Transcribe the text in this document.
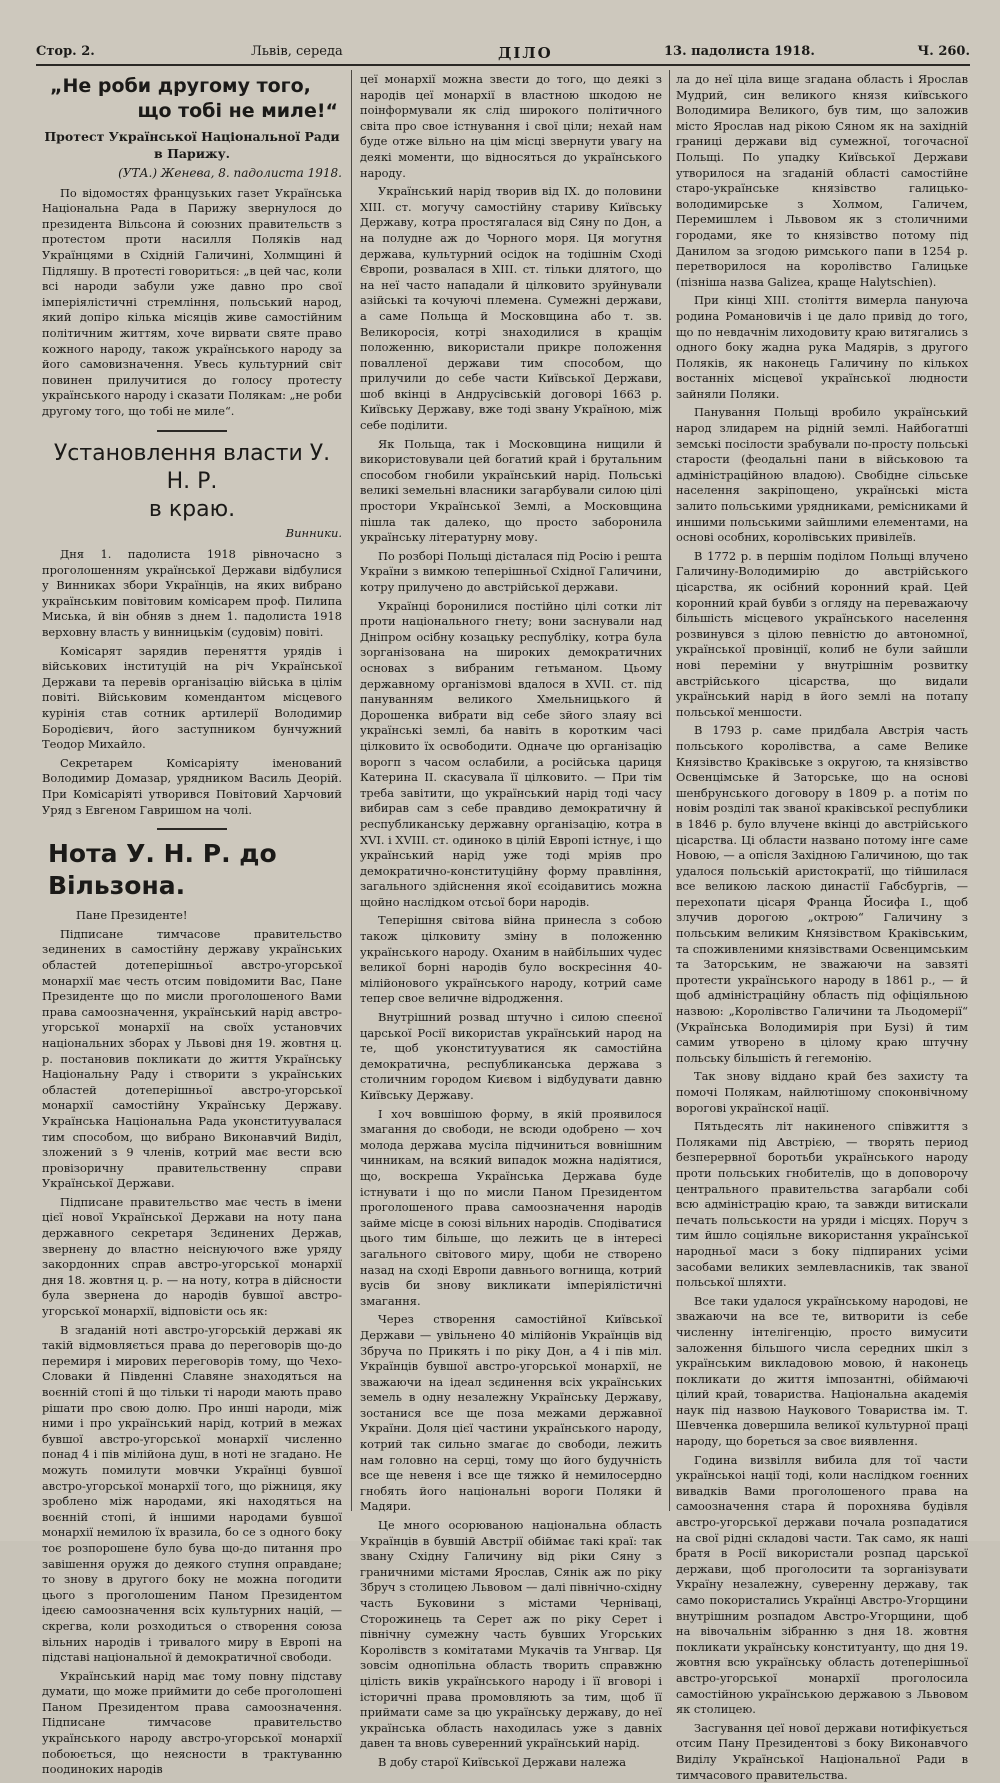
Стор. 2.	Львів, середа	ДІЛО	13. падолиста 1918.	Ч. 260.
„Не роби другому того,
що тобі не миле!“
Протест Української Національної Ради в Парижу.
(УТА.) Женева, 8. падолиста 1918.

По відомостях французьких газет Українська Національна Рада в Парижу звернулося до президента Вільсона й союзних правительств з протестом проти насилля Поляків над Українцями в Східній Галичині, Холмщині й Підляшу. В протесті говориться: „в цей час, коли всі народи забули уже давно про свої імперіялістичні стремління, польський народ, який допіро кілька місяців живе самостійним політичним життям, хоче вирвати святе право кожного народу, також українського народу за його самовизначення. Увесь культурний світ повинен прилучитися до голосу протесту українського народу і сказати Полякам: „не роби другому того, що тобі не миле“.

Установлення власти У. Н. Р.
в краю.
Винники.

Дня 1. падолиста 1918 рівночасно з проголошенням української Держави відбулися у Винниках збори Українців, на яких вибрано українським повітовим комісарем проф. Пилипа Миська, й він обняв з днем 1. падолиста 1918 верховну власть у винницькім (судовім) повіті.

Комісарят зарядив переняття урядів і військових інституцій на річ Української Держави та перевів організацію війська в цілім повіті. Військовим комендантом місцевого курінія став сотник артилерії Володимир Бородієвич, його заступником бунчужний Теодор Михайло.

Секретарем Комісаріяту іменований Володимир Домазар, урядником Василь Деорій. При Комісаріяті утворився Повітовий Харчовий Уряд з Евгеном Гавришом на чолі.

Нота У. Н. Р. до Вільзона.
Пане Президенте!

Підписане тимчасове правительство зединених в самостійну державу українських областей дотеперішньої австро-угорської монархії має честь отсим повідомити Вас, Пане Президенте що по мисли проголошеного Вами права самоозначення, український нарід австро-угорської монархії на своїх установчих національних зборах у Львові дня 19. жовтня ц. р. постановив покликати до життя Українську Національну Раду і створити з українських областей дотеперішньої австро-угорської монархії самостійну Українську Державу. Українська Національна Рада уконституувалася тим способом, що вибрано Виконавчий Виділ, зложений з 9 членів, котрий має вести всю провізоричну правительственну справи Української Держави.

Підписане правительство має честь в імени цієї нової Української Держави на ноту пана державного секретаря Зєдинених Держав, звернену до властно неіснуючого вже уряду закордонних справ австро-угорської монархії дня 18. жовтня ц. р. — на ноту, котра в дійсности була звернена до народів бувшої австро-угорської монархії, відповісти ось як:

В згаданій ноті австро-угорській державі як такій відмовляється права до переговорів що-до перемиря і мирових переговорів тому, що Чехо-Словаки й Південні Славяне знаходяться на воєнній стопі й що тільки ті народи мають право рішати про свою долю. Про инші народи, між ними і про український нарід, котрий в межах бувшої австро-угорської монархії численно понад 4 і пів мілійона душ, в ноті не згадано. Не можуть помилути мовчки Українці бувшої австро-угорської монархії того, що ріжниця, яку зроблено між народами, які находяться на воєнній стопі, й іншими народами бувшої монархії немилою їх вразила, бо се з одного боку тоє розпорошене було бува що-до питання про завішення оружя до деякого ступня оправдане; то знову в другого боку не можна погодити цього з проголошеним Паном Президентом ідеєю самоозначення всіх культурних націй, — скрегва, коли розходиться о створення союза вільних народів і тривалого миру в Европі на підставі національної й демократичної свободи.

Український нарід має тому повну підставу думати, що може приймити до себе проголошені Паном Президентом права самоозначення. Підписане тимчасове правительство українського народу австро-угорської монархії побоюється, що неясности в трактуванню поодиноких народів

цеї монархії можна звести до того, що деякі з народів цеї монархії в властною шкодою не поінформували як слід широкого політичного світа про свое істнування і свої ціли; нехай нам буде отже вільно на цім місці звернути увагу на деякі моменти, що відносяться до українського народу.

Український нарід творив від IX. до половини XIII. ст. могучу самостійну стариву Київську Державу, котра простягалася від Сяну по Дон, а на полудне аж до Чорного моря. Ця могутня держава, культурний осідок на тодішнім Сході Європи, розвалася в XIII. ст. тільки длятого, що на неї часто нападали й цілковито зруйнували азійські та кочуючі племена. Сумежні держави, а саме Польща й Московщина або т. зв. Великоросія, котрі знаходилися в кращім положенню, використали прикре положення повалленої держави тим способом, що прилучили до себе части Київської Держави, шоб вкінці в Андрусівській договорі 1663 р. Київську Державу, вже тоді звану Україною, між себе поділити.

Як Польща, так і Московщина нищили й використовували цей богатий край і брутальним способом гнобили український нарід. Польські великі земельні власники загарбували силою цілі простори Української Землі, а Московщина пішла так далеко, що просто заборонила українську літературну мову.

По розборі Польщі дісталася під Росію і решта України з вимкою теперішньої Східної Галичини, котру прилучено до австрійської держави.

Українці боронилися постійно цілі сотки літ проти національного гнету; вони заснували над Дніпром осібну козацьку республіку, котра була зорганізована на широких демократичних основах з вибраним гетьманом. Цьому державному організмові вдалося в XVII. ст. під пануванням великого Хмельницького й Дорошенка вибрати від себе зйого злаяу всі українські землі, ба навіть в коротким часі цілковито їх освободити. Одначе цю організацію ворогп з часом ослабили, а російська цариця Катерина II. скасувала її цілковито. — При тім треба завітити, що український нарід тоді часу вибирав сам з себе правдиво демократичну й республиканську державну організацію, котра в XVI. і XVIII. ст. одиноко в цілій Европі істнує, і що український нарід уже тоді мріяв про демократично-конституційну форму правління, загального здійснення якої єсоідавитись можна щойно наслідком отсьої бори народів.

Теперішня світова війна принесла з собою також цілковиту зміну в положенню українського народу. Оханим в найбільших чудес великої борні народів було воскресіння 40-мілійонового українського народу, котрий саме тепер свое величне відродження.

Внутрішний розвад штучно і силою спеєної царської Росії використав український народ на те, щоб уконститууватися як самостійна демократична, республиканська держава з столичним городом Києвом і відбудувати давню Київську Державу.

І хоч вовшішою форму, в якій проявилося змагання до свободи, не всюди одобрено — хоч молода держава мусіла підчиниться вовнішним чинникам, на всякий випадок можна надіятися, що, воскреша Українська Держава буде істнувати і що по мисли Паном Президентом проголошеного права самоозначення народів займе місце в союзі вільних народів. Сподіватися цього тим більше, що лежить це в інтересі загального світового миру, щоби не створено назад на сході Европи давнього вогнища, котрий вусів би знову викликати імперіялістичні змагання.

Через створення самостійної Київської Держави — увільнено 40 мілійонів Українців від Збруча по Прикять і по ріку Дон, а 4 і пів міл. Українців бувшої австро-угорської монархії, не зважаючи на ідеал зєдинення всіх українських земель в одну незалежну Українську Державу, зостанися все ще поза межами державної України. Доля цієї частини українського народу, котрий так сильно змагає до свободи, лежить нам головно на серці, тому що його будучність все ще невеня і все ще тяжко й немилосердно гнобять його національні вороги Поляки й Мадяри.

Це много осорюваною національна область Українців в бувшій Австрії обіймає такі краї: так звану Східну Галичину від ріки Сяну з граничними містами Ярослав, Сянік аж по ріку Збруч з столицею Львовом — далі північно-східну часть Буковини з містами Черніваці, Сторожинець та Серет аж по ріку Серет і північну сумежну часть бувших Угорських Королівств з комітатами Мукачів та Унгвар. Ця зовсім однопільна область творить справжню цілість виків українського народу і її вговорі і історичні права промовляють за тим, щоб її приймати саме за цю українську державу, до неї українська область находилась уже з давніх давен та вновь суверенний український нарід.

В добу старої Київської Держави належа

ла до неї ціла вище згадана область і Ярослав Мудрий, син великого князя київського Володимира Великого, був тим, що заложив місто Ярослав над рікою Сяном як на західній границі держави від сумежної, тогочасної Польщі. По упадку Київської Держави утворилося на згаданій області самостійне старо-українське князівство галицько-володимирське з Холмом, Галичем, Перемишлем і Львовом як з столичними городами, яке то князівство потому під Данилом за згодою римського папи в 1254 р. перетворилося на королівство Галицьке (пізніша назва Galizea, краще Halytschien).

При кінці XIII. століття вимерла пануюча родина Романовичів і це дало привід до того, що по невдачнім лиходовиту краю витягались з одного боку жадна рука Мадярів, з другого Поляків, як наконець Галичину по кількох востанніх місцевої української людности зайняли Поляки.

Панування Польщі вробило український народ злидарем на рідній землі. Найбогатші земські посілости зрабували по-просту польські старости (феодальні пани в військовою та адміністраційною владою). Свобідне сільське населення закріпощено, українські міста залито польськими урядниками, ремісниками й иншими польськими зайшлими елементами, на основі особних, королівських привілеїв.

В 1772 р. в першім поділом Польщі влучено Галичину-Володимирію до австрійського цісарства, як осібний коронний край. Цей коронний край бувби з огляду на переважаючу більшість місцевого українського населення розвинувся з цілою певністю до автономної, української провінції, колиб не були зайшли нові переміни у внутрішнім розвитку австрійського цісарства, що видали український нарід в його землі на потапу польської меншости.

В 1793 р. саме придбала Австрія часть польського королівства, а саме Велике Князівство Краківське з округою, та князівство Освенцімське й Заторське, що на основі шенбрунського договору в 1809 р. а потім по новім розділі так званої краківської республики в 1846 р. було влучене вкінці до австрійського цісарства. Ці области названо потому інге саме Новою, — а опісля Західною Галичиною, що так удалося польській аристократії, що тійшилася все великою ласкою династії Габсбургів, — перехопати цісаря Франца Йосифа I., щоб злучив дорогою „октрою“ Галичину з польським великим Князівством Краківським, та споживленими князівствами Освенцимським та Заторським, не зважаючи на завзяті протести українського народу в 1861 р., — й щоб адміністраційну область під офіціяльною назвою: „Королівство Галичини та Льодомерії“ (Українська Володимирія при Бузі) й тим самим утворено в цілому краю штучну польську більшість й гегемонію.

Так знову віддано край без захисту та помочі Полякам, найлютішому споконвічному ворогові українскої нації.

Пятьдесять літ накиненого співжиття з Поляками під Австрією, — творять период безперервної боротьби українського народу проти польських гнобителів, що в доповорочу центрального правительства загарбали собі всю адміністрацію краю, та завжди витискали печать польськости на уряди і місцях. Поруч з тим йшло соціяльне використання української народньої маси з боку підпираних усіми засобами великих землевласників, так званої польської шляхти.

Все таки удалося українському народові, не зважаючи на все те, витворити із себе численну інтелігенцію, просто вимусити заложення більшого числа середних шкіл з українським викладовою мовою, й наконець покликати до життя імпозантні, обіймаючі цілий край, товариства. Національна академія наук під назвою Наукового Товариства ім. Т. Шевченка довершила великої культурної праці народу, що бореться за своє виявлення.

Година визвілля вибила для тої части українськоі нації тоді, коли наслідком гоєнних вивадків Вами проголошеного права на самоозначення стара й порохнява будівля австро-угорської держави почала розпадатися на свої рідні складові части. Так само, як наші братя в Росії використали розпад царської держави, щоб проголосити та зорганізувати Україну незалежну, суверенну державу, так само покористались Українці Австро-Угорщини внутрішним розпадом Австро-Угорщини, щоб на вівочальнім зібранню з дня 18. жовтня покликати українську конституанту, що дня 19. жовтня всю українську область дотеперішньої австро-угорської монархії проголосила самостійною українською державою з Львовом як столицею.

Засгування цеї нової держави нотифікується отсим Пану Президентові з боку Виконавчого Виділу Української Національної Ради в тимчасового правительства.
